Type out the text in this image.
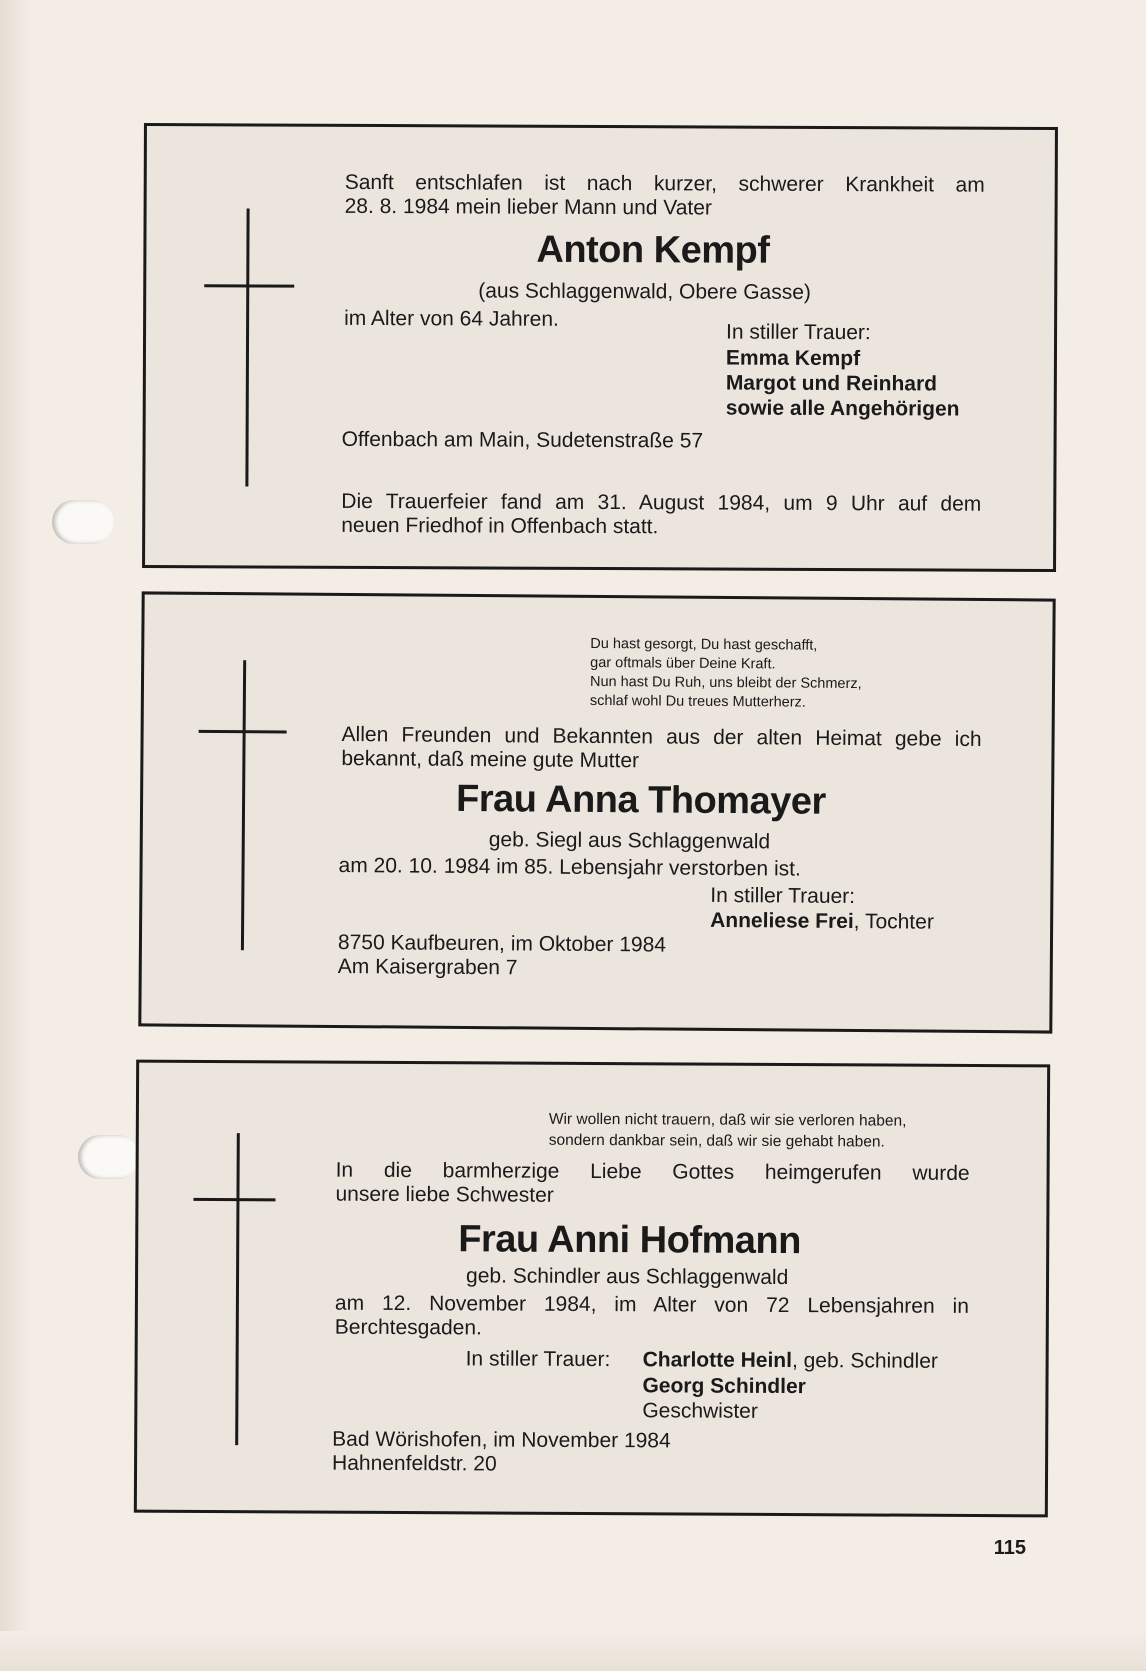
Sanft entschlafen ist nach kurzer, schwerer Krankheit am
28. 8. 1984 mein lieber Mann und Vater
Anton Kempf
(aus Schlaggenwald, Obere Gasse)
im Alter von 64 Jahren.
In stiller Trauer:
Emma Kempf
Margot und Reinhard
sowie alle Angehörigen
Offenbach am Main, Sudetenstraße 57
Die Trauerfeier fand am 31. August 1984, um 9 Uhr auf dem
neuen Friedhof in Offenbach statt.
Du hast gesorgt, Du hast geschafft,
gar oftmals über Deine Kraft.
Nun hast Du Ruh, uns bleibt der Schmerz,
schlaf wohl Du treues Mutterherz.
Allen Freunden und Bekannten aus der alten Heimat gebe ich
bekannt, daß meine gute Mutter
Frau Anna Thomayer
geb. Siegl aus Schlaggenwald
am 20. 10. 1984 im 85. Lebensjahr verstorben ist.
In stiller Trauer:
Anneliese Frei, Tochter
8750 Kaufbeuren, im Oktober 1984
Am Kaisergraben 7
Wir wollen nicht trauern, daß wir sie verloren haben,
sondern dankbar sein, daß wir sie gehabt haben.
In die barmherzige Liebe Gottes heimgerufen wurde
unsere liebe Schwester
Frau Anni Hofmann
geb. Schindler aus Schlaggenwald
am 12. November 1984, im Alter von 72 Lebensjahren in
Berchtesgaden.
In stiller Trauer: Charlotte Heinl, geb. Schindler
Georg Schindler
Geschwister
Bad Wörishofen, im November 1984
Hahnenfeldstr. 20
115
